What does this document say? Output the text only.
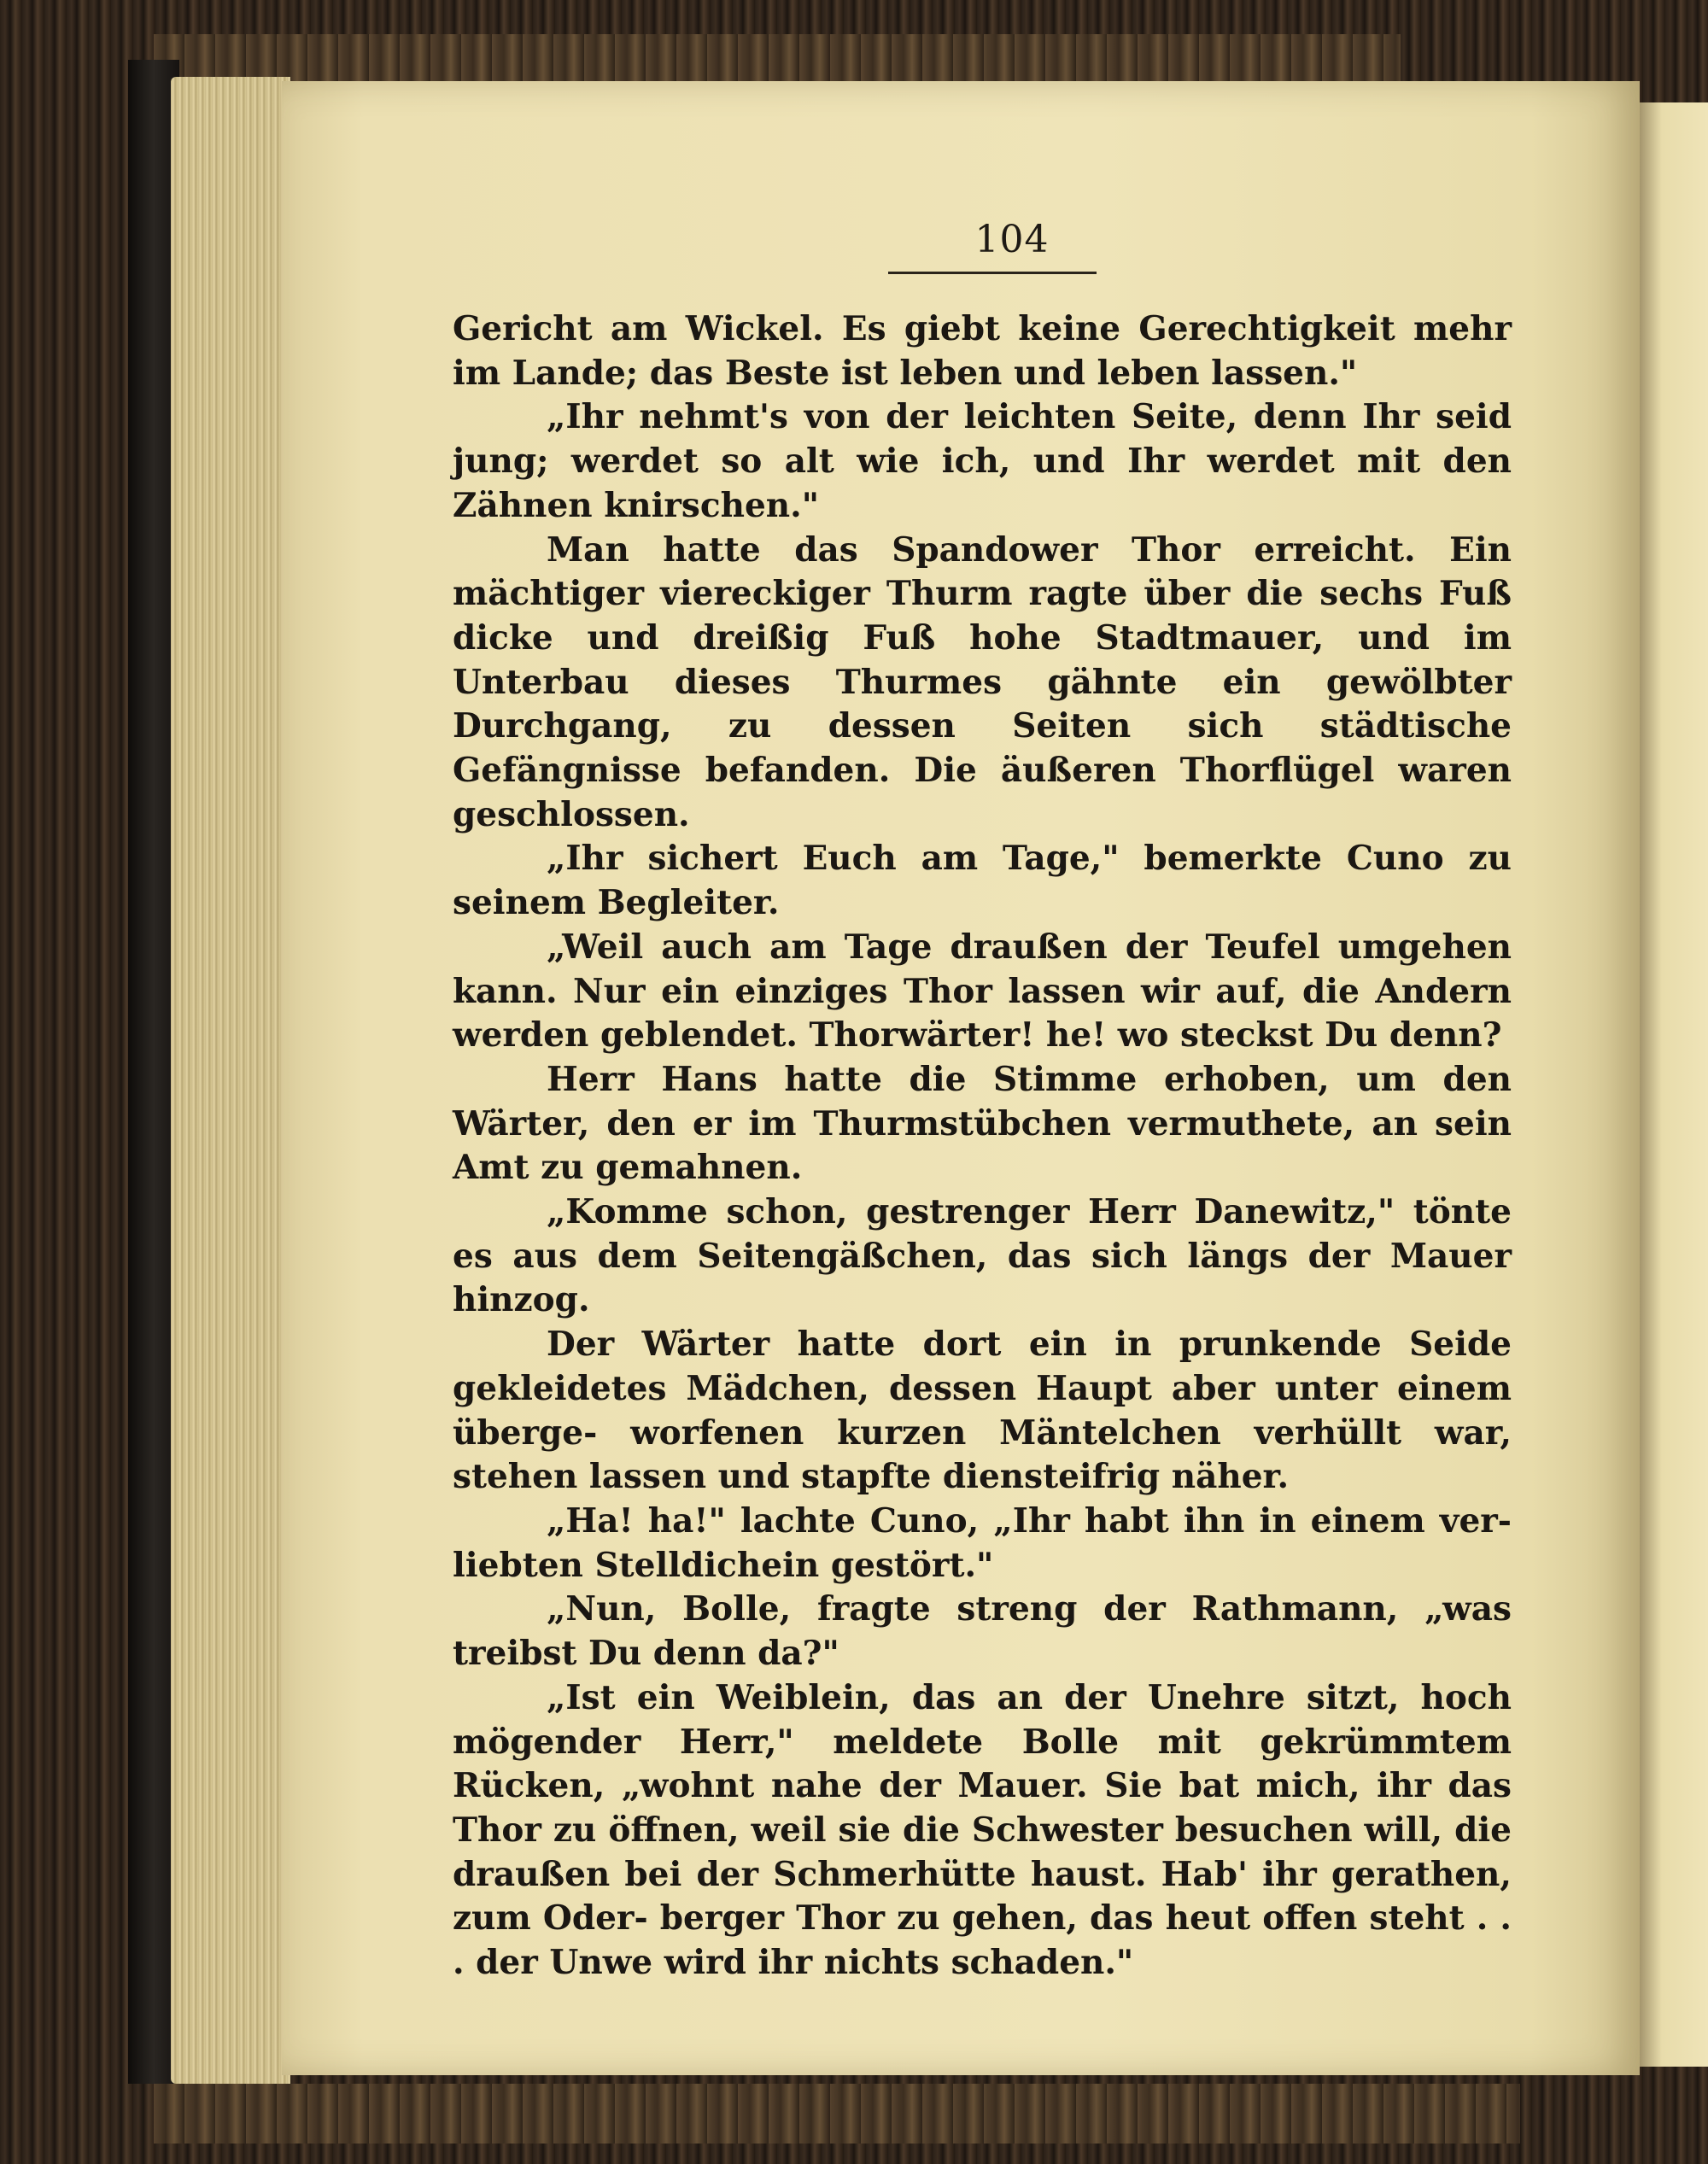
104

Gericht am Wickel. Es giebt keine Gerechtigkeit mehr im Lande; das Beste ist leben und leben lassen."

„Ihr nehmt's von der leichten Seite, denn Ihr seid jung; werdet so alt wie ich, und Ihr werdet mit den Zähnen knirschen."

Man hatte das Spandower Thor erreicht. Ein mächtiger viereckiger Thurm ragte über die sechs Fuß dicke und dreißig Fuß hohe Stadtmauer, und im Unterbau dieses Thurmes gähnte ein gewölbter Durchgang, zu dessen Seiten sich städtische Gefängnisse befanden. Die äußeren Thorflügel waren geschlossen.

„Ihr sichert Euch am Tage," bemerkte Cuno zu seinem Begleiter.

„Weil auch am Tage draußen der Teufel umgehen kann. Nur ein einziges Thor lassen wir auf, die Andern werden geblendet. Thorwärter! he! wo steckst Du denn?

Herr Hans hatte die Stimme erhoben, um den Wärter, den er im Thurmstübchen vermuthete, an sein Amt zu gemahnen.

„Komme schon, gestrenger Herr Danewitz," tönte es aus dem Seitengäßchen, das sich längs der Mauer hinzog.

Der Wärter hatte dort ein in prunkende Seide gekleidetes Mädchen, dessen Haupt aber unter einem überge- worfenen kurzen Mäntelchen verhüllt war, stehen lassen und stapfte diensteifrig näher.

„Ha! ha!" lachte Cuno, „Ihr habt ihn in einem ver- liebten Stelldichein gestört."

„Nun, Bolle, fragte streng der Rathmann, „was treibst Du denn da?"

„Ist ein Weiblein, das an der Unehre sitzt, hoch mögender Herr," meldete Bolle mit gekrümmtem Rücken, „wohnt nahe der Mauer. Sie bat mich, ihr das Thor zu öffnen, weil sie die Schwester besuchen will, die draußen bei der Schmerhütte haust. Hab' ihr gerathen, zum Oder- berger Thor zu gehen, das heut offen steht . . . der Unwe wird ihr nichts schaden."
